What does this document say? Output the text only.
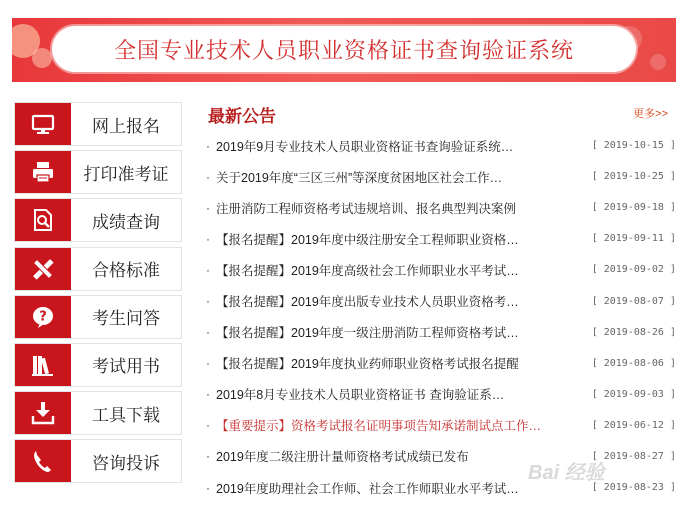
全国专业技术人员职业资格证书查询验证系统
网上报名
打印准考证
成绩查询
合格标准
?	考生问答
考试用书
工具下载
咨询投诉
最新公告	更多>>
· 2019年9月专业技术人员职业资格证书查询验证系统…	[ 2019-10-15 ]
· 关于2019年度“三区三州”等深度贫困地区社会工作…	[ 2019-10-25 ]
· 注册消防工程师资格考试违规培训、报名典型判决案例	[ 2019-09-18 ]
· 【报名提醒】2019年度中级注册安全工程师职业资格…	[ 2019-09-11 ]
· 【报名提醒】2019年度高级社会工作师职业水平考试…	[ 2019-09-02 ]
· 【报名提醒】2019年度出版专业技术人员职业资格考…	[ 2019-08-07 ]
· 【报名提醒】2019年度一级注册消防工程师资格考试…	[ 2019-08-26 ]
· 【报名提醒】2019年度执业药师职业资格考试报名提醒	[ 2019-08-06 ]
· 2019年8月专业技术人员职业资格证书 查询验证系…	[ 2019-09-03 ]
· 【重要提示】资格考试报名证明事项告知承诺制试点工作…	[ 2019-06-12 ]
· 2019年度二级注册计量师资格考试成绩已发布	[ 2019-08-27 ]
· 2019年度助理社会工作师、社会工作师职业水平考试…	[ 2019-08-23 ]
Bai 经验
